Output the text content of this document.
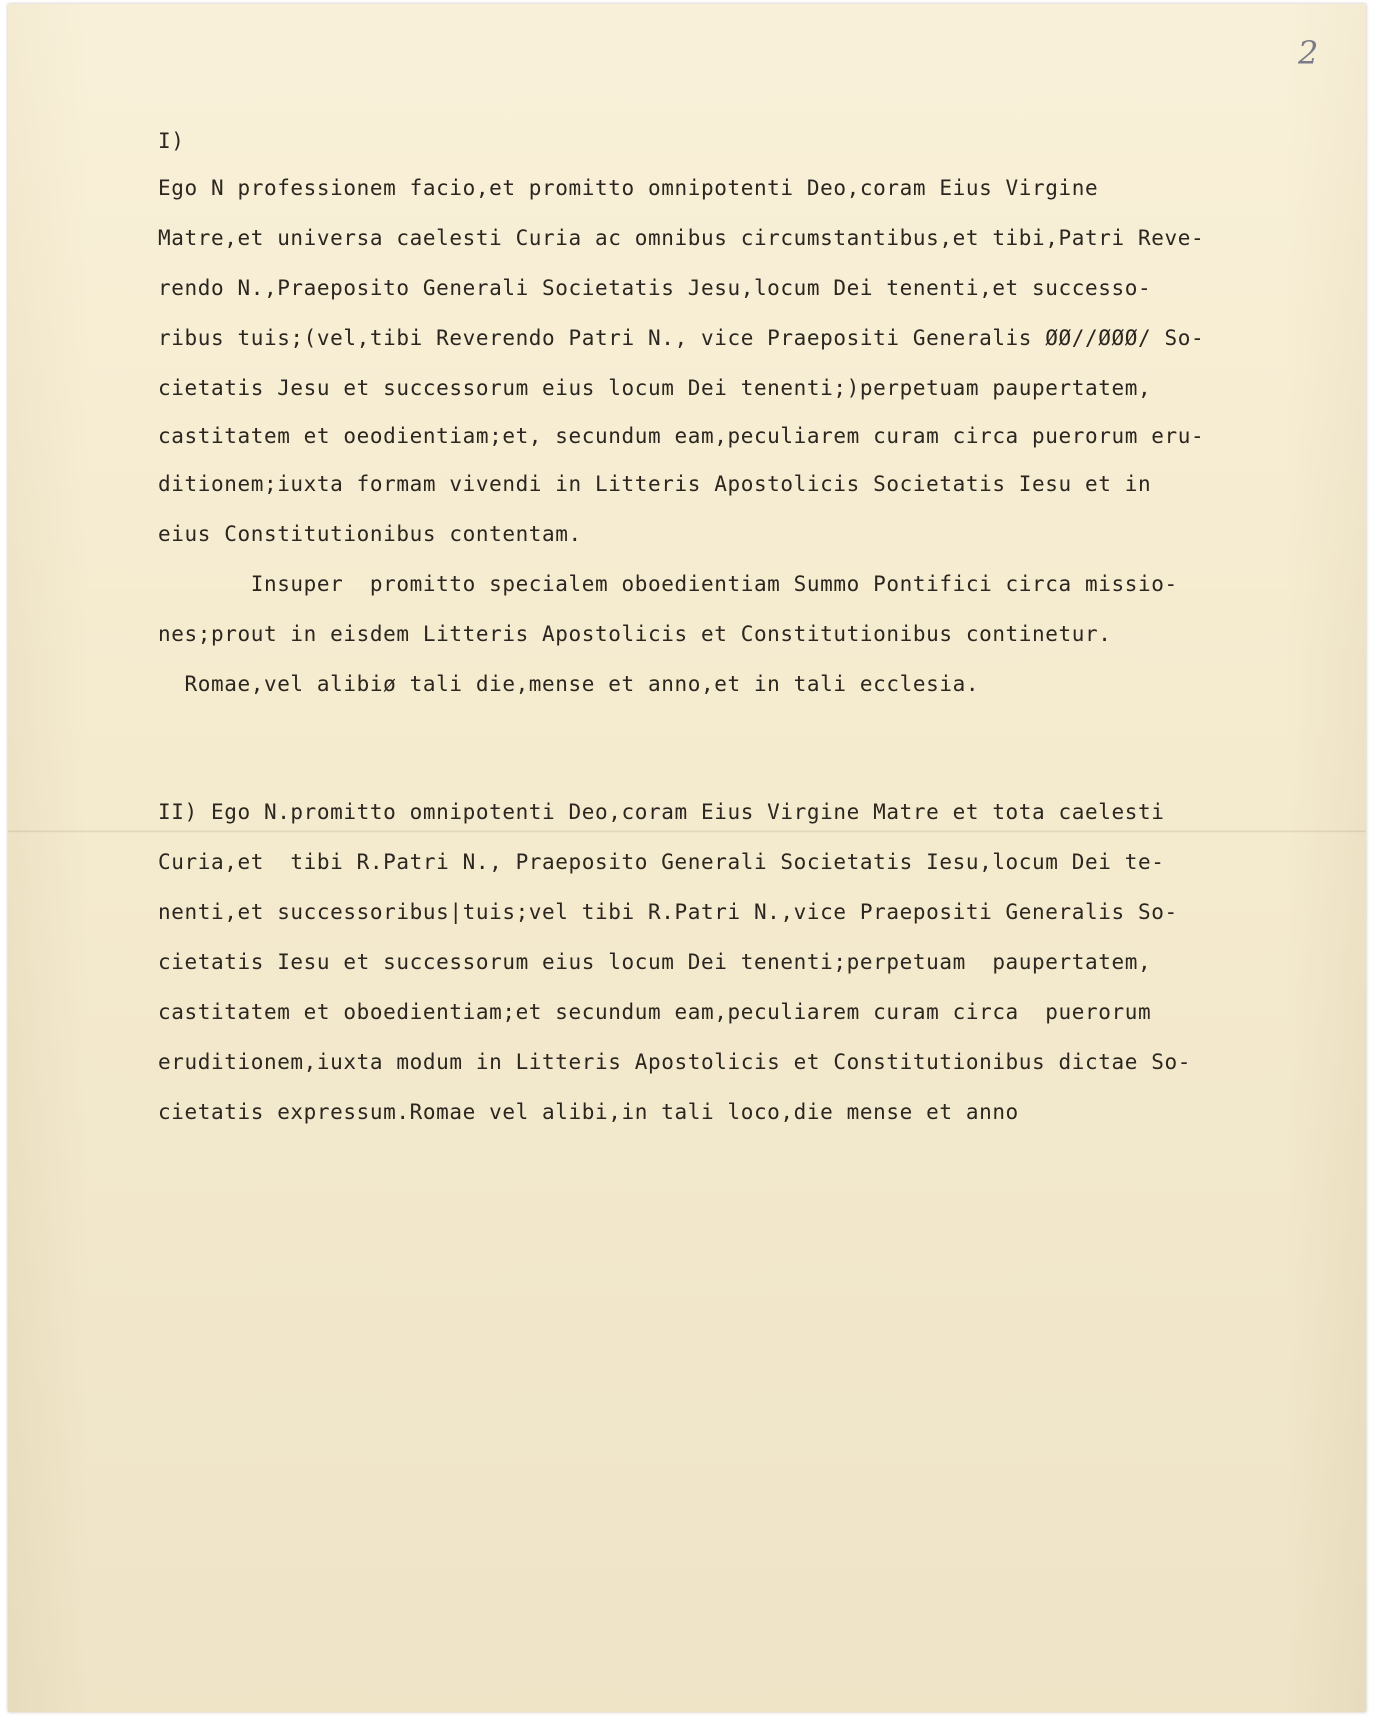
2
I)
Ego N professionem facio,et promitto omnipotenti Deo,coram Eius Virgine
Matre,et universa caelesti Curia ac omnibus circumstantibus,et tibi,Patri Reve-
rendo N.,Praeposito Generali Societatis Jesu,locum Dei tenenti,et successo-
ribus tuis;(vel,tibi Reverendo Patri N., vice Praepositi Generalis ØØ//ØØØ/ So-
cietatis Jesu et successorum eius locum Dei tenenti;)perpetuam paupertatem,
castitatem et oeodientiam;et, secundum eam,peculiarem curam circa puerorum eru-
ditionem;iuxta formam vivendi in Litteris Apostolicis Societatis Iesu et in
eius Constitutionibus contentam.
Insuper  promitto specialem oboedientiam Summo Pontifici circa missio-
nes;prout in eisdem Litteris Apostolicis et Constitutionibus continetur.
Romae,vel alibiø tali die,mense et anno,et in tali ecclesia.
II) Ego N.promitto omnipotenti Deo,coram Eius Virgine Matre et tota caelesti
Curia,et  tibi R.Patri N., Praeposito Generali Societatis Iesu,locum Dei te-
nenti,et successoribus|tuis;vel tibi R.Patri N.,vice Praepositi Generalis So-
cietatis Iesu et successorum eius locum Dei tenenti;perpetuam  paupertatem,
castitatem et oboedientiam;et secundum eam,peculiarem curam circa  puerorum
eruditionem,iuxta modum in Litteris Apostolicis et Constitutionibus dictae So-
cietatis expressum.Romae vel alibi,in tali loco,die mense et anno
